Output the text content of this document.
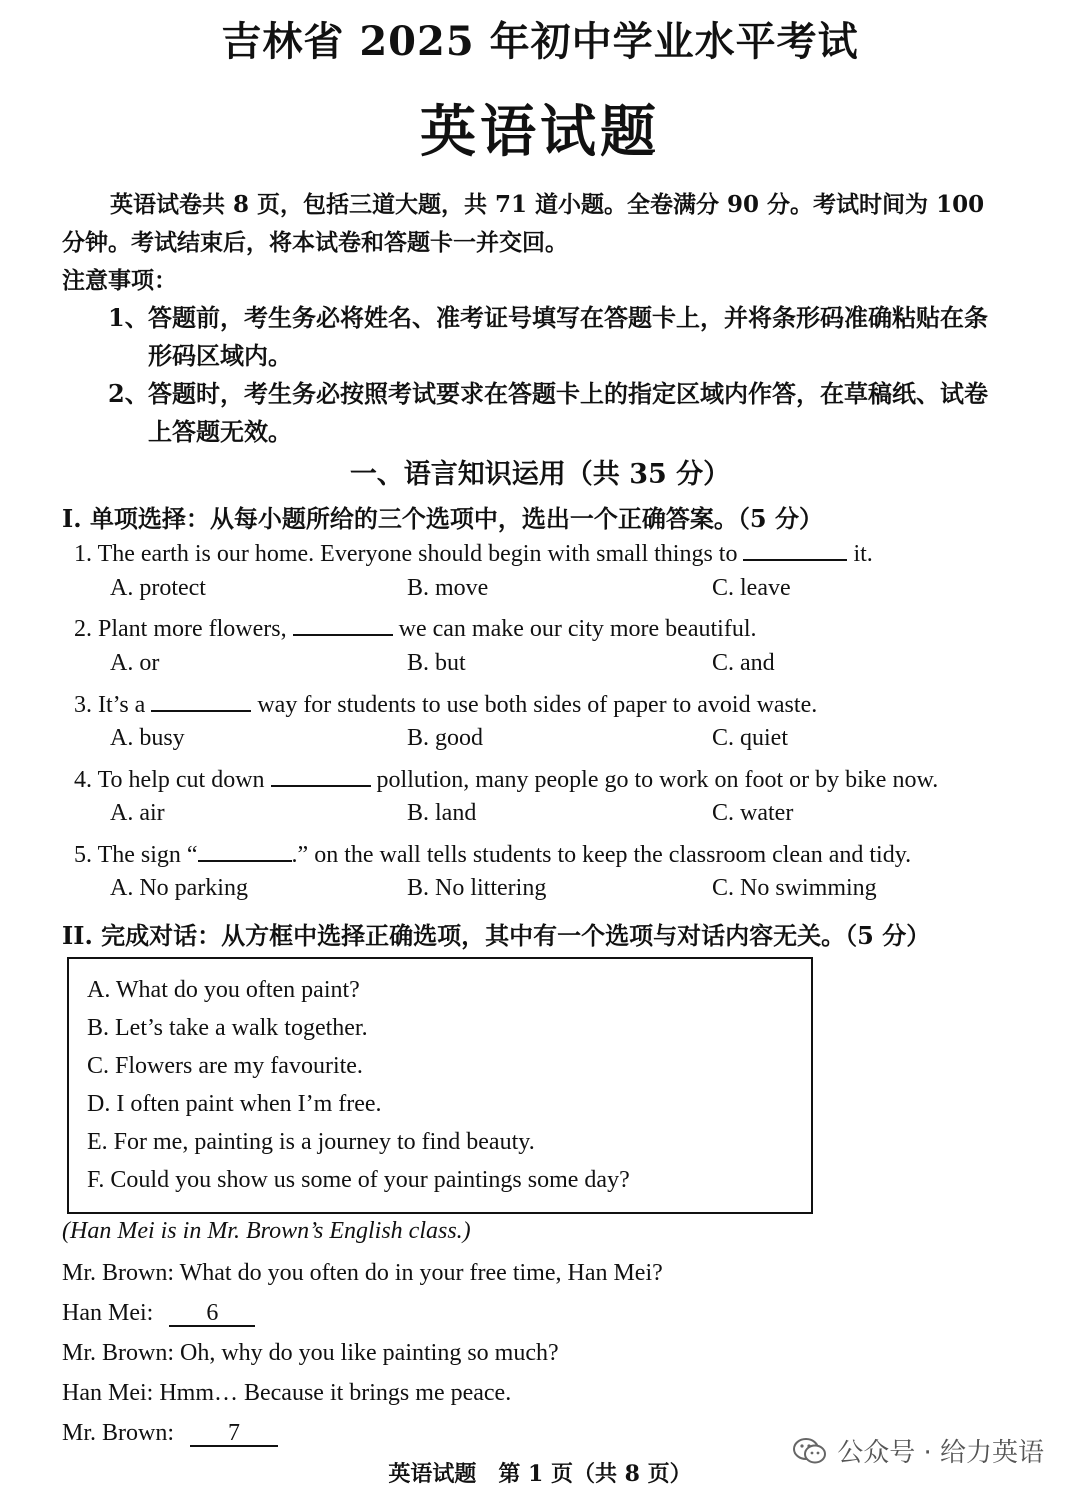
吉林省 2025 年初中学业水平考试
英语试题
英语试卷共 8 页，包括三道大题，共 71 道小题。全卷满分 90 分。考试时间为 100
分钟。考试结束后，将本试卷和答题卡一并交回。
注意事项：
1、 答题前，考生务必将姓名、准考证号填写在答题卡上，并将条形码准确粘贴在条
形码区域内。
2、 答题时，考生务必按照考试要求在答题卡上的指定区域内作答，在草稿纸、试卷
上答题无效。
一、语言知识运用（共 35 分）
I. 单项选择：从每小题所给的三个选项中，选出一个正确答案。（5 分）
1. The earth is our home. Everyone should begin with small things to	it.
A. protect	B. move	C. leave
2. Plant more flowers,	we can make our city more beautiful.
A. or	B. but	C. and
3. It’s a	way for students to use both sides of paper to avoid waste.
A. busy	B. good	C. quiet
4. To help cut down	pollution, many people go to work on foot or by bike now.
A. air	B. land	C. water
5. The sign “	.” on the wall tells students to keep the classroom clean and tidy.
A. No parking	B. No littering	C. No swimming
II. 完成对话：从方框中选择正确选项，其中有一个选项与对话内容无关。（5 分）
A. What do you often paint?
B. Let’s take a walk together.
C. Flowers are my favourite.
D. I often paint when I’m free.
E. For me, painting is a journey to find beauty.
F. Could you show us some of your paintings some day?
(Han Mei is in Mr. Brown’s English class.)
Mr. Brown: What do you often do in your free time, Han Mei?
Han Mei: 6
Mr. Brown: Oh, why do you like painting so much?
Han Mei: Hmm… Because it brings me peace.
Mr. Brown: 7
英语试题　第 1 页（共 8 页）
公众号 · 给力英语
